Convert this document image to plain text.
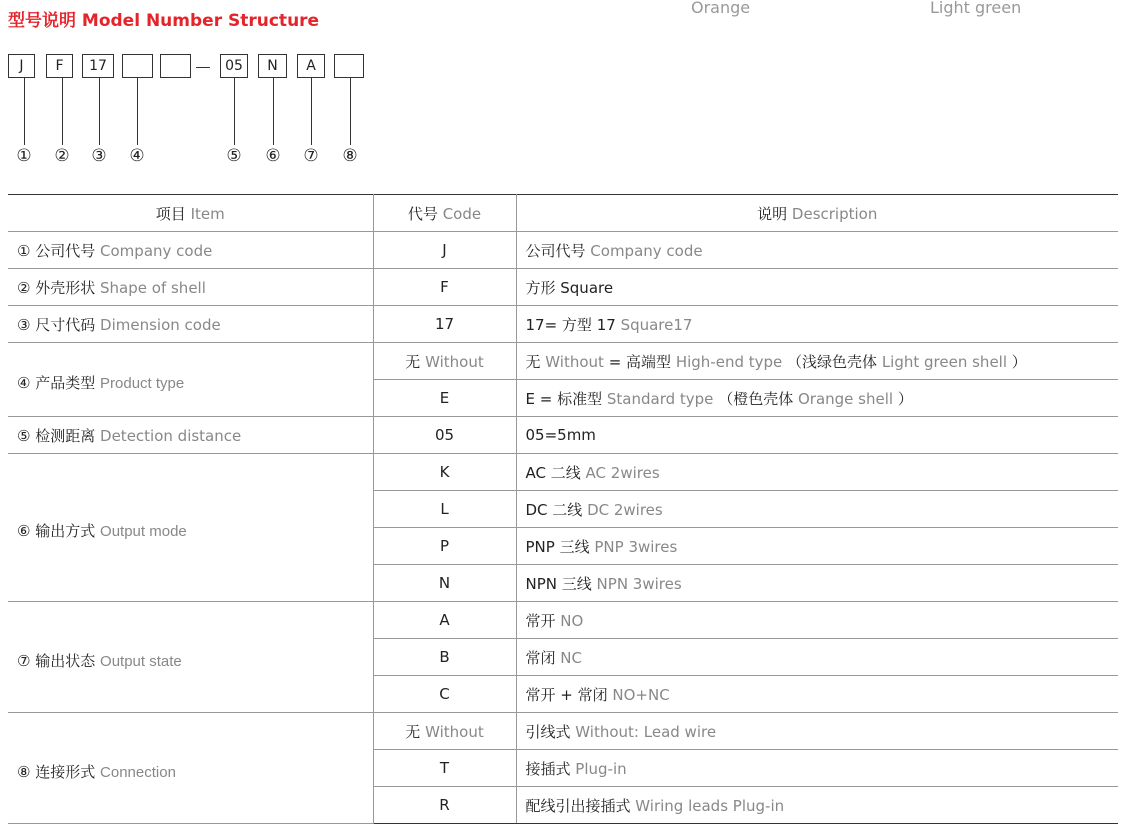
型号说明 Model Number Structure
Orange	Light green
J	F	17	05	N	A
① ② ③ ④	⑤ ⑥ ⑦ ⑧
项目 Item	代号 Code	说明 Description
① 公司代号 Company code	J	公司代号 Company code
② 外壳形状 Shape of shell	F	方形 Square
③ 尺寸代码 Dimension code	17	17= 方型 17 Square17
④ 产品类型 Product type	无 Without	无 Without = 高端型 High-end type （浅绿色壳体 Light green shell ）
	E	E = 标准型 Standard type （橙色壳体 Orange shell ）
⑤ 检测距离 Detection distance	05	05=5mm
⑥ 输出方式 Output mode	K	AC 二线 AC 2wires
	L	DC 二线 DC 2wires
	P	PNP 三线 PNP 3wires
	N	NPN 三线 NPN 3wires
⑦ 输出状态 Output state	A	常开 NO
	B	常闭 NC
	C	常开 + 常闭 NO+NC
⑧ 连接形式 Connection	无 Without	引线式 Without: Lead wire
	T	接插式 Plug-in
	R	配线引出接插式 Wiring leads Plug-in
